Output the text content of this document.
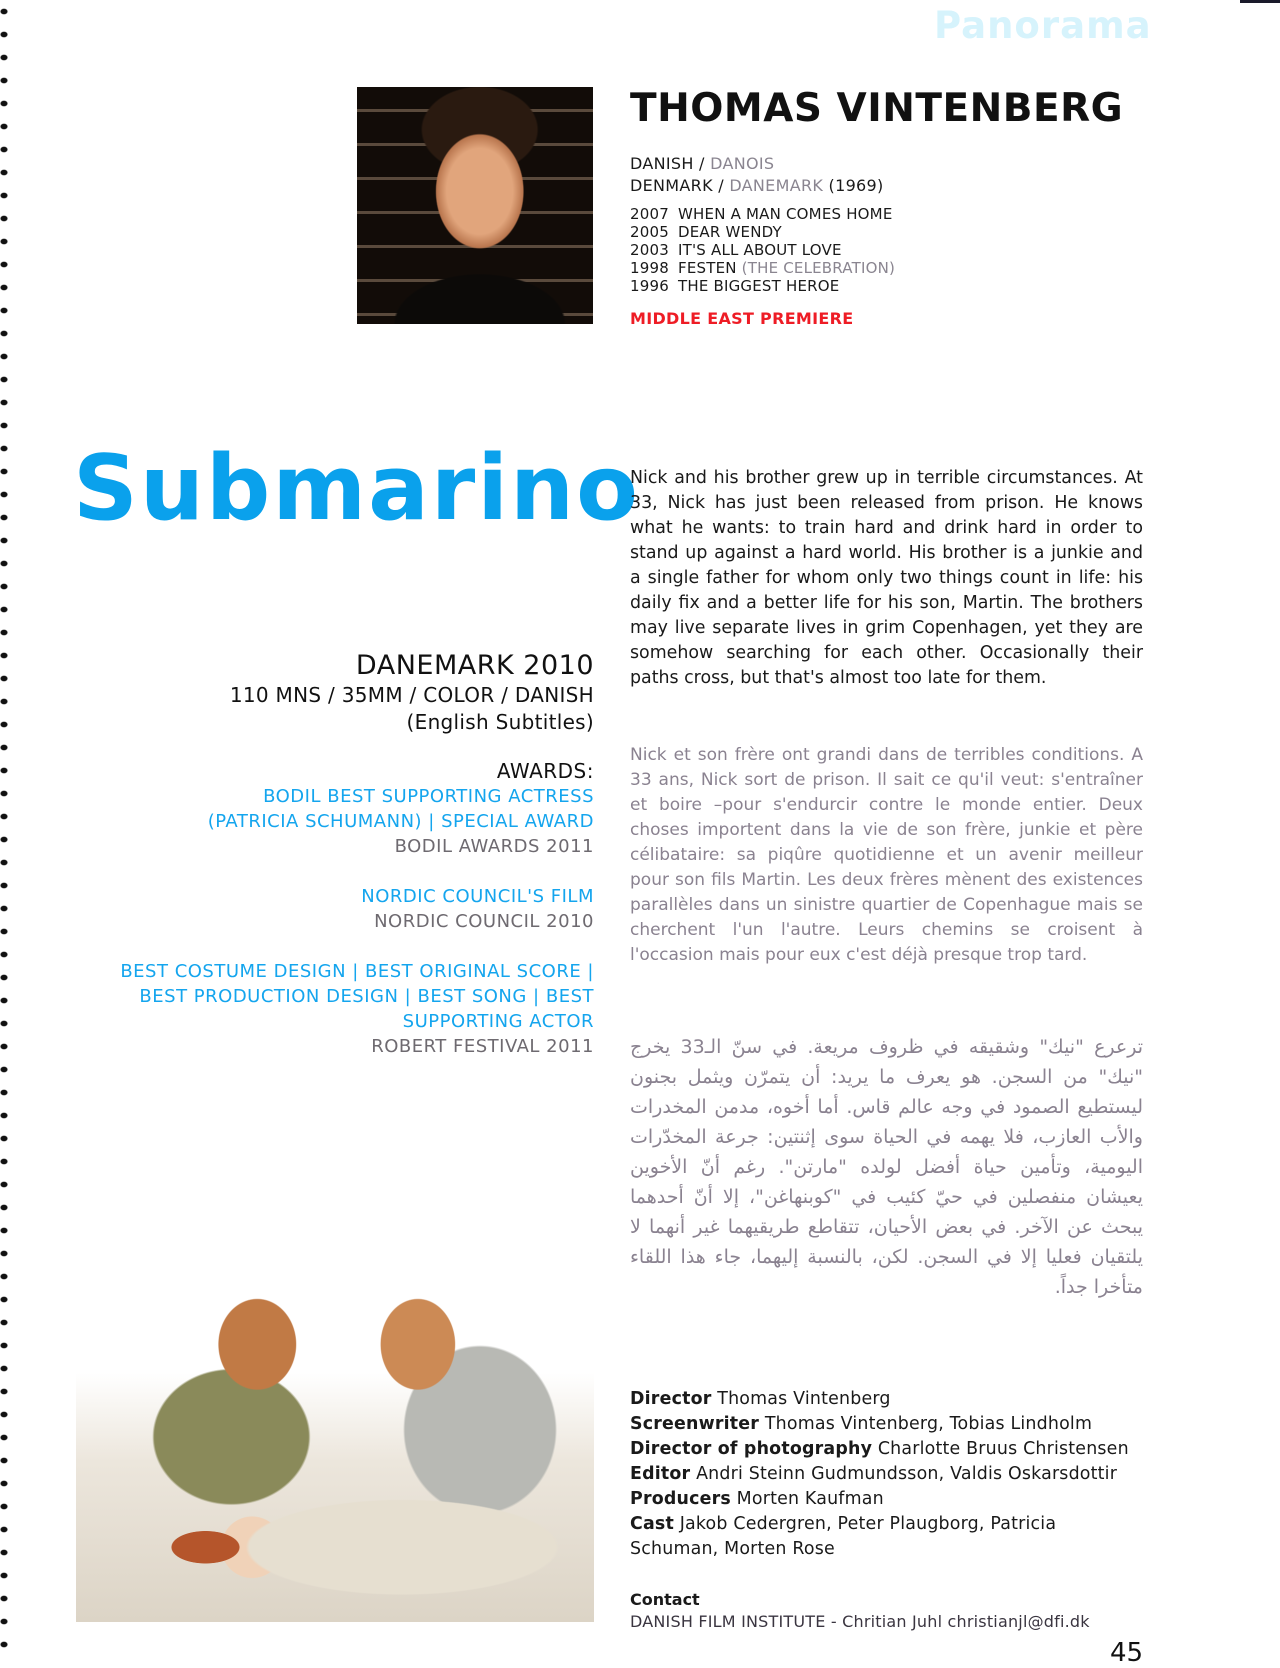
Panorama
THOMAS VINTENBERG
DANISH / DANOIS
DENMARK / DANEMARK (1969)
2007 WHEN A MAN COMES HOME
2005 DEAR WENDY
2003 IT'S ALL ABOUT LOVE
1998 FESTEN (THE CELEBRATION)
1996 THE BIGGEST HEROE
MIDDLE EAST PREMIERE
Submarino
DANEMARK 2010
110 MNS / 35MM / COLOR / DANISH
(English Subtitles)
AWARDS:
BODIL BEST SUPPORTING ACTRESS (PATRICIA SCHUMANN) | SPECIAL AWARD
BODIL AWARDS 2011
NORDIC COUNCIL'S FILM
NORDIC COUNCIL 2010
BEST COSTUME DESIGN | BEST ORIGINAL SCORE | BEST PRODUCTION DESIGN | BEST SONG | BEST SUPPORTING ACTOR
ROBERT FESTIVAL 2011

Nick and his brother grew up in terrible circumstances. At 33, Nick has just been released from prison. He knows what he wants: to train hard and drink hard in order to stand up against a hard world. His brother is a junkie and a single father for whom only two things count in life: his daily fix and a better life for his son, Martin. The brothers may live separate lives in grim Copenhagen, yet they are somehow searching for each other. Occasionally their paths cross, but that's almost too late for them.

Nick et son frère ont grandi dans de terribles conditions. A 33 ans, Nick sort de prison. Il sait ce qu'il veut: s'entraîner et boire –pour s'endurcir contre le monde entier. Deux choses importent dans la vie de son frère, junkie et père célibataire: sa piqûre quotidienne et un avenir meilleur pour son fils Martin. Les deux frères mènent des existences parallèles dans un sinistre quartier de Copenhague mais se cherchent l'un l'autre. Leurs chemins se croisent à l'occasion mais pour eux c'est déjà presque trop tard.

ترعرع "نيك" وشقيقه في ظروف مريعة. في سنّ الـ33 يخرج "نيك" من السجن. هو يعرف ما يريد: أن يتمرّن ويثمل بجنون ليستطيع الصمود في وجه عالم قاس. أما أخوه، مدمن المخدرات والأب العازب، فلا يهمه في الحياة سوى إثنتين: جرعة المخدّرات اليومية، وتأمين حياة أفضل لولده "مارتن". رغم أنّ الأخوين يعيشان منفصلين في حيّ كئيب في "كوبنهاغن"، إلا أنّ أحدهما يبحث عن الآخر. في بعض الأحيان، تتقاطع طريقيهما غير أنهما لا يلتقيان فعليا إلا في السجن. لكن، بالنسبة إليهما، جاء هذا اللقاء متأخرا جداً.

Director Thomas Vintenberg
Screenwriter Thomas Vintenberg, Tobias Lindholm
Director of photography Charlotte Bruus Christensen
Editor Andri Steinn Gudmundsson, Valdis Oskarsdottir
Producers Morten Kaufman
Cast Jakob Cedergren, Peter Plaugborg, Patricia Schuman, Morten Rose
Contact
DANISH FILM INSTITUTE - Chritian Juhl christianjl@dfi.dk
45
